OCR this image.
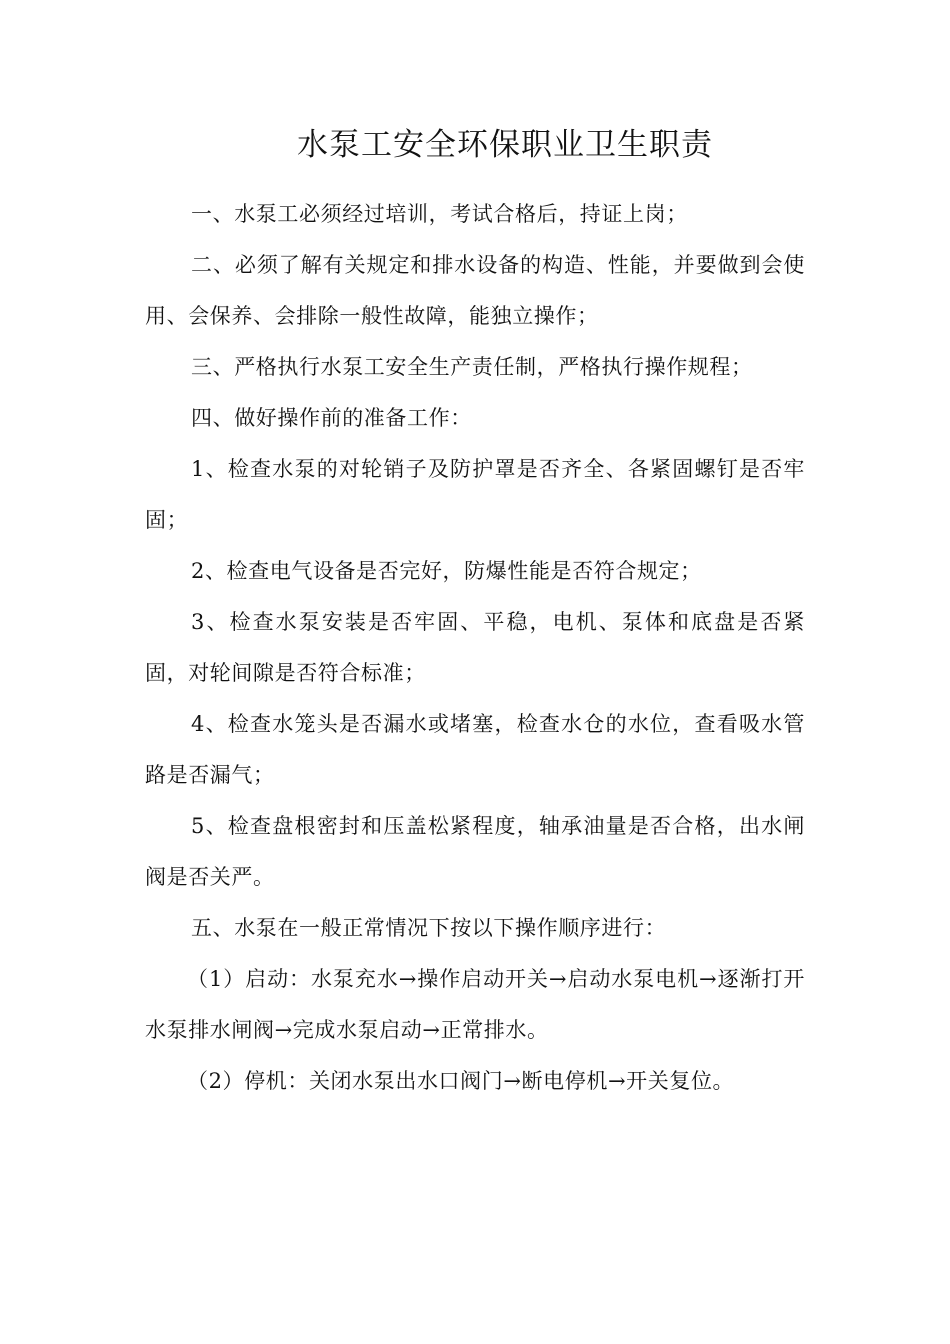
水泵工安全环保职业卫生职责

一、水泵工必须经过培训，考试合格后，持证上岗；

二、必须了解有关规定和排水设备的构造、性能，并要做到会使用、会保养、会排除一般性故障，能独立操作；

三、严格执行水泵工安全生产责任制，严格执行操作规程；

四、做好操作前的准备工作：

1、检查水泵的对轮销子及防护罩是否齐全、各紧固螺钉是否牢固；

2、检查电气设备是否完好，防爆性能是否符合规定；

3、检查水泵安装是否牢固、平稳，电机、泵体和底盘是否紧固，对轮间隙是否符合标准；

4、检查水笼头是否漏水或堵塞，检查水仓的水位，查看吸水管路是否漏气；

5、检查盘根密封和压盖松紧程度，轴承油量是否合格，出水闸阀是否关严。

五、水泵在一般正常情况下按以下操作顺序进行：

（1）启动：水泵充水→操作启动开关→启动水泵电机→逐渐打开水泵排水闸阀→完成水泵启动→正常排水。

（2）停机：关闭水泵出水口阀门→断电停机→开关复位。
